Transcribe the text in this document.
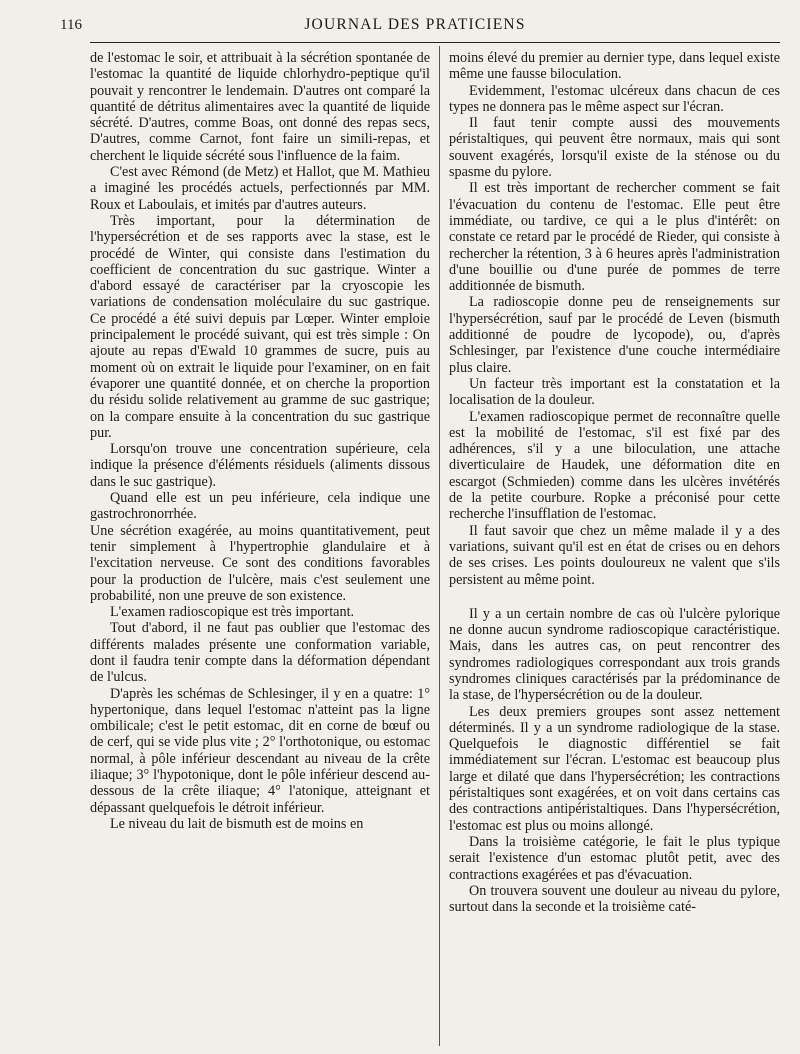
116	JOURNAL DES PRATICIENS

de l'estomac le soir, et attribuait à la sécrétion spontanée de l'estomac la quantité de liquide chlorhydro-peptique qu'il pouvait y rencontrer le lendemain. D'autres ont comparé la quantité de détritus alimentaires avec la quantité de liquide sécrété. D'autres, comme Boas, ont donné des repas secs, D'autres, comme Carnot, font faire un simili-repas, et cherchent le liquide sécrété sous l'influence de la faim.

C'est avec Rémond (de Metz) et Hallot, que M. Mathieu a imaginé les procédés actuels, perfectionnés par MM. Roux et Laboulais, et imités par d'autres auteurs.

Très important, pour la détermination de l'hypersécrétion et de ses rapports avec la stase, est le procédé de Winter, qui consiste dans l'estimation du coefficient de concentration du suc gastrique. Winter a d'abord essayé de caractériser par la cryoscopie les variations de condensation moléculaire du suc gastrique. Ce procédé a été suivi depuis par Lœper. Winter emploie principalement le procédé suivant, qui est très simple : On ajoute au repas d'Ewald 10 grammes de sucre, puis au moment où on extrait le liquide pour l'examiner, on en fait évaporer une quantité donnée, et on cherche la proportion du résidu solide relativement au gramme de suc gastrique; on la compare ensuite à la concentration du suc gastrique pur.

Lorsqu'on trouve une concentration supérieure, cela indique la présence d'éléments résiduels (aliments dissous dans le suc gastrique).

Quand elle est un peu inférieure, cela indique une gastrochronorrhée.

Une sécrétion exagérée, au moins quantitativement, peut tenir simplement à l'hypertrophie glandulaire et à l'excitation nerveuse. Ce sont des conditions favorables pour la production de l'ulcère, mais c'est seulement une probabilité, non une preuve de son existence.

L'examen radioscopique est très important.

Tout d'abord, il ne faut pas oublier que l'estomac des différents malades présente une conformation variable, dont il faudra tenir compte dans la déformation dépendant de l'ulcus.

D'après les schémas de Schlesinger, il y en a quatre: 1° hypertonique, dans lequel l'estomac n'atteint pas la ligne ombilicale; c'est le petit estomac, dit en corne de bœuf ou de cerf, qui se vide plus vite ; 2° l'orthotonique, ou estomac normal, à pôle inférieur descendant au niveau de la crête iliaque; 3° l'hypotonique, dont le pôle inférieur descend au-dessous de la crête iliaque; 4° l'atonique, atteignant et dépassant quelquefois le détroit inférieur.

Le niveau du lait de bismuth est de moins en

moins élevé du premier au dernier type, dans lequel existe même une fausse biloculation.

Evidemment, l'estomac ulcéreux dans chacun de ces types ne donnera pas le même aspect sur l'écran.

Il faut tenir compte aussi des mouvements péristaltiques, qui peuvent être normaux, mais qui sont souvent exagérés, lorsqu'il existe de la sténose ou du spasme du pylore.

Il est très important de rechercher comment se fait l'évacuation du contenu de l'estomac. Elle peut être immédiate, ou tardive, ce qui a le plus d'intérêt: on constate ce retard par le procédé de Rieder, qui consiste à rechercher la rétention, 3 à 6 heures après l'administration d'une bouillie ou d'une purée de pommes de terre additionnée de bismuth.

La radioscopie donne peu de renseignements sur l'hypersécrétion, sauf par le procédé de Leven (bismuth additionné de poudre de lycopode), ou, d'après Schlesinger, par l'existence d'une couche intermédiaire plus claire.

Un facteur très important est la constatation et la localisation de la douleur.

L'examen radioscopique permet de reconnaître quelle est la mobilité de l'estomac, s'il est fixé par des adhérences, s'il y a une biloculation, une attache diverticulaire de Haudek, une déformation dite en escargot (Schmieden) comme dans les ulcères invétérés de la petite courbure. Ropke a préconisé pour cette recherche l'insufflation de l'estomac.

Il faut savoir que chez un même malade il y a des variations, suivant qu'il est en état de crises ou en dehors de ses crises. Les points douloureux ne valent que s'ils persistent au même point.

Il y a un certain nombre de cas où l'ulcère pylorique ne donne aucun syndrome radioscopique caractéristique. Mais, dans les autres cas, on peut rencontrer des syndromes radiologiques correspondant aux trois grands syndromes cliniques caractérisés par la prédominance de la stase, de l'hypersécrétion ou de la douleur.

Les deux premiers groupes sont assez nettement déterminés. Il y a un syndrome radiologique de la stase. Quelquefois le diagnostic différentiel se fait immédiatement sur l'écran. L'estomac est beaucoup plus large et dilaté que dans l'hypersécrétion; les contractions péristaltiques sont exagérées, et on voit dans certains cas des contractions antipéristaltiques. Dans l'hypersécrétion, l'estomac est plus ou moins allongé.

Dans la troisième catégorie, le fait le plus typique serait l'existence d'un estomac plutôt petit, avec des contractions exagérées et pas d'évacuation.

On trouvera souvent une douleur au niveau du pylore, surtout dans la seconde et la troisième caté-
